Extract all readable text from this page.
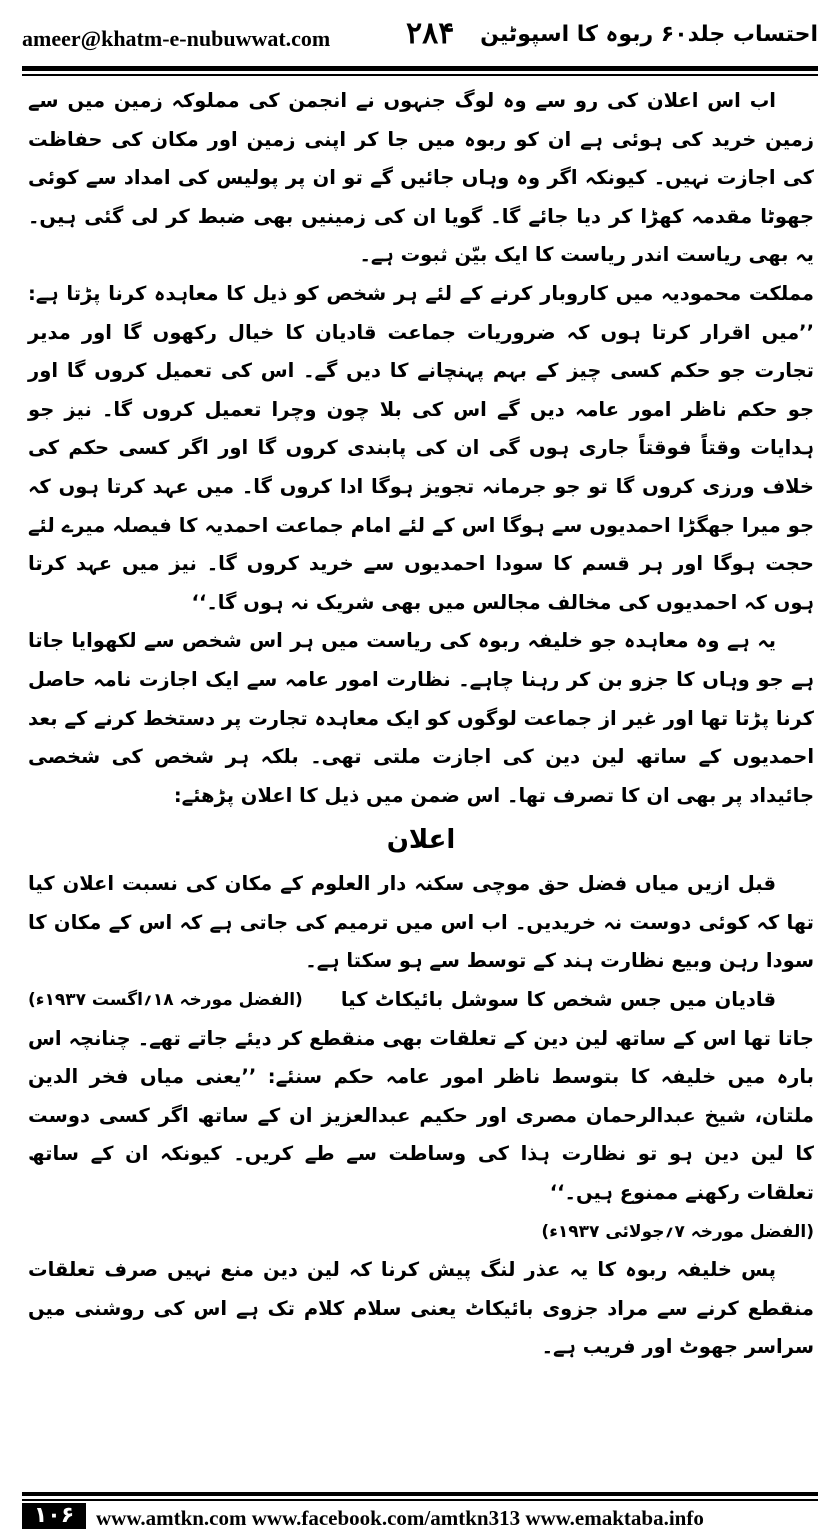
ameer@khatm-e-nubuwwat.com	۲۸۴ احتساب جلد۶۰ ربوہ کا اسپوٹین

اب اس اعلان کی رو سے وہ لوگ جنہوں نے انجمن کی مملوکہ زمین میں سے زمین خرید کی ہوئی ہے ان کو ربوہ میں جا کر اپنی زمین اور مکان کی حفاظت کی اجازت نہیں۔ کیونکہ اگر وہ وہاں جائیں گے تو ان پر پولیس کی امداد سے کوئی جھوٹا مقدمہ کھڑا کر دیا جائے گا۔ گویا ان کی زمینیں بھی ضبط کر لی گئی ہیں۔ یہ بھی ریاست اندر ریاست کا ایک بیّن ثبوت ہے۔

مملکت محمودیہ میں کاروبار کرنے کے لئے ہر شخص کو ذیل کا معاہدہ کرنا پڑتا ہے: ’’میں اقرار کرتا ہوں کہ ضروریات جماعت قادیان کا خیال رکھوں گا اور مدیر تجارت جو حکم کسی چیز کے بہم پہنچانے کا دیں گے۔ اس کی تعمیل کروں گا اور جو حکم ناظر امور عامہ دیں گے اس کی بلا چون وچرا تعمیل کروں گا۔ نیز جو ہدایات وقتاً فوقتاً جاری ہوں گی ان کی پابندی کروں گا اور اگر کسی حکم کی خلاف ورزی کروں گا تو جو جرمانہ تجویز ہوگا ادا کروں گا۔ میں عہد کرتا ہوں کہ جو میرا جھگڑا احمدیوں سے ہوگا اس کے لئے امام جماعت احمدیہ کا فیصلہ میرے لئے حجت ہوگا اور ہر قسم کا سودا احمدیوں سے خرید کروں گا۔ نیز میں عہد کرتا ہوں کہ احمدیوں کی مخالف مجالس میں بھی شریک نہ ہوں گا۔‘‘

یہ ہے وہ معاہدہ جو خلیفہ ربوہ کی ریاست میں ہر اس شخص سے لکھوایا جاتا ہے جو وہاں کا جزو بن کر رہنا چاہے۔ نظارت امور عامہ سے ایک اجازت نامہ حاصل کرنا پڑتا تھا اور غیر از جماعت لوگوں کو ایک معاہدہ تجارت پر دستخط کرنے کے بعد احمدیوں کے ساتھ لین دین کی اجازت ملتی تھی۔ بلکہ ہر شخص کی شخصی جائیداد پر بھی ان کا تصرف تھا۔ اس ضمن میں ذیل کا اعلان پڑھئے:

اعلان

قبل ازیں میاں فضل حق موچی سکنہ دار العلوم کے مکان کی نسبت اعلان کیا تھا کہ کوئی دوست نہ خریدیں۔ اب اس میں ترمیم کی جاتی ہے کہ اس کے مکان کا سودا رہن وبیع نظارت ہند کے توسط سے ہو سکتا ہے۔
(الفضل مورخہ ۱۸؍اگست ۱۹۳۷ء)	قادیان میں جس شخص کا سوشل بائیکاٹ کیا جاتا تھا اس کے ساتھ لین دین کے تعلقات بھی منقطع کر دیئے جاتے تھے۔ چنانچہ اس بارہ میں خلیفہ کا بتوسط ناظر امور عامہ حکم سنئے: ’’یعنی میاں فخر الدین ملتان، شیخ عبدالرحمان مصری اور حکیم عبدالعزیز ان کے ساتھ اگر کسی دوست کا لین دین ہو تو نظارت ہذا کی وساطت سے طے کریں۔ کیونکہ ان کے ساتھ تعلقات رکھنے ممنوع ہیں۔‘‘

(الفضل مورخہ ۷؍جولائی ۱۹۳۷ء)

پس خلیفہ ربوہ کا یہ عذر لنگ پیش کرنا کہ لین دین منع نہیں صرف تعلقات منقطع کرنے سے مراد جزوی بائیکاٹ یعنی سلام کلام تک ہے اس کی روشنی میں سراسر جھوٹ اور فریب ہے۔

۱۰۶	www.amtkn.com www.facebook.com/amtkn313 www.emaktaba.info
